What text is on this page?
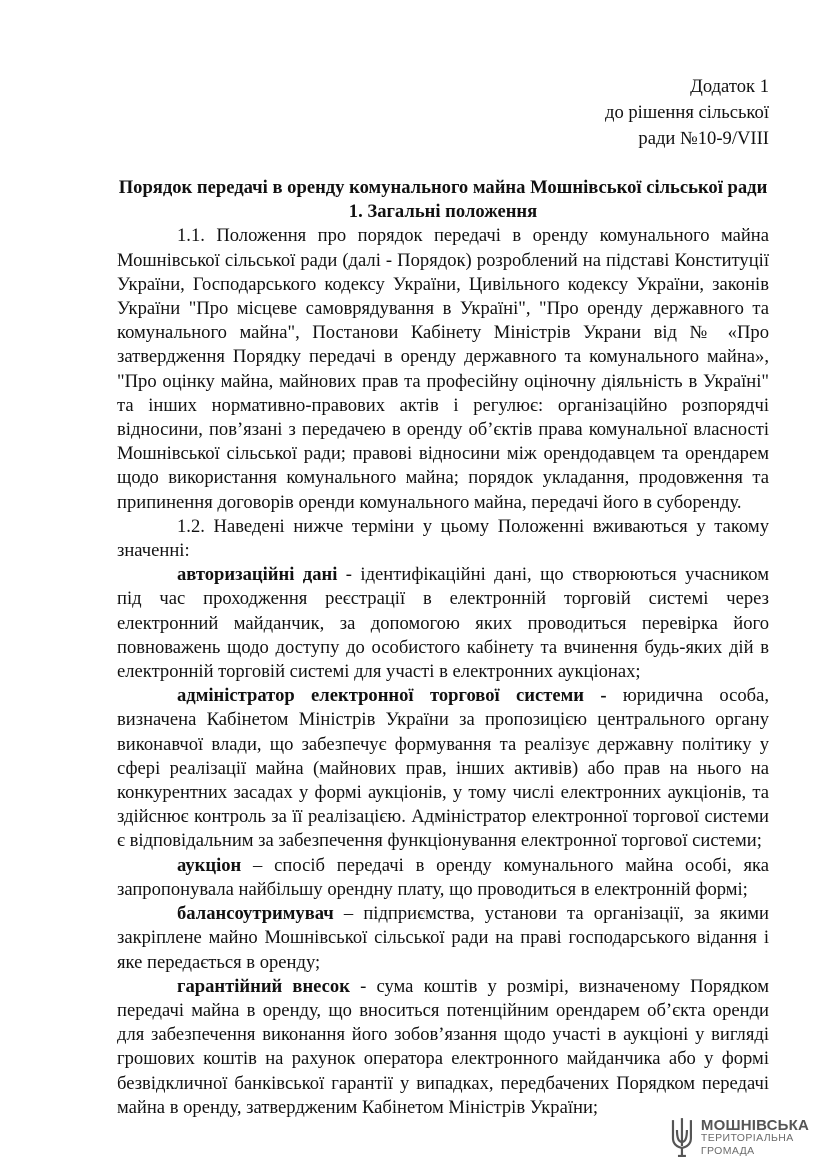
Додаток 1
до рішення сільської
ради №10-9/VIII
Порядок передачі в оренду комунального майна Мошнівської сільської ради
1. Загальні положення

1.1. Положення про порядок передачі в оренду комунального майна Мошнівської сільської ради (далі - Порядок) розроблений на підставі Конституції України, Господарського кодексу України, Цивільного кодексу України, законів України "Про місцеве самоврядування в Україні", "Про оренду державного та комунального майна", Постанови Кабінету Міністрів Украни від № «Про затвердження Порядку передачі в оренду державного та комунального майна», "Про оцінку майна, майнових прав та професійну оціночну діяльність в Україні" та інших нормативно-правових актів і регулює: організаційно розпорядчі відносини, пов’язані з передачею в оренду об’єктів права комунальної власності Мошнівської сільської ради; правові відносини між орендодавцем та орендарем щодо використання комунального майна; порядок укладання, продовження та припинення договорів оренди комунального майна, передачі його в суборенду.

1.2. Наведені нижче терміни у цьому Положенні вживаються у такому значенні:

авторизаційні дані - ідентифікаційні дані, що створюються учасником під час проходження реєстрації в електронній торговій системі через електронний майданчик, за допомогою яких проводиться перевірка його повноважень щодо доступу до особистого кабінету та вчинення будь-яких дій в електронній торговій системі для участі в електронних аукціонах;

адміністратор електронної торгової системи - юридична особа, визначена Кабінетом Міністрів України за пропозицією центрального органу виконавчої влади, що забезпечує формування та реалізує державну політику у сфері реалізації майна (майнових прав, інших активів) або прав на нього на конкурентних засадах у формі аукціонів, у тому числі електронних аукціонів, та здійснює контроль за її реалізацією. Адміністратор електронної торгової системи є відповідальним за забезпечення функціонування електронної торгової системи;

аукціон – спосіб передачі в оренду комунального майна особі, яка запропонувала найбільшу орендну плату, що проводиться в електронній формі;

балансоутримувач – підприємства, установи та організації, за якими закріплене майно Мошнівської сільської ради на праві господарського відання і яке передається в оренду;

гарантійний внесок - сума коштів у розмірі, визначеному Порядком передачі майна в оренду, що вноситься потенційним орендарем об’єкта оренди для забезпечення виконання його зобов’язання щодо участі в аукціоні у вигляді грошових коштів на рахунок оператора електронного майданчика або у формі безвідкличної банківської гарантії у випадках, передбачених Порядком передачі майна в оренду, затвердженим Кабінетом Міністрів України;

МОШНІВСЬКА
ТЕРИТОРІАЛЬНА
ГРОМАДА
